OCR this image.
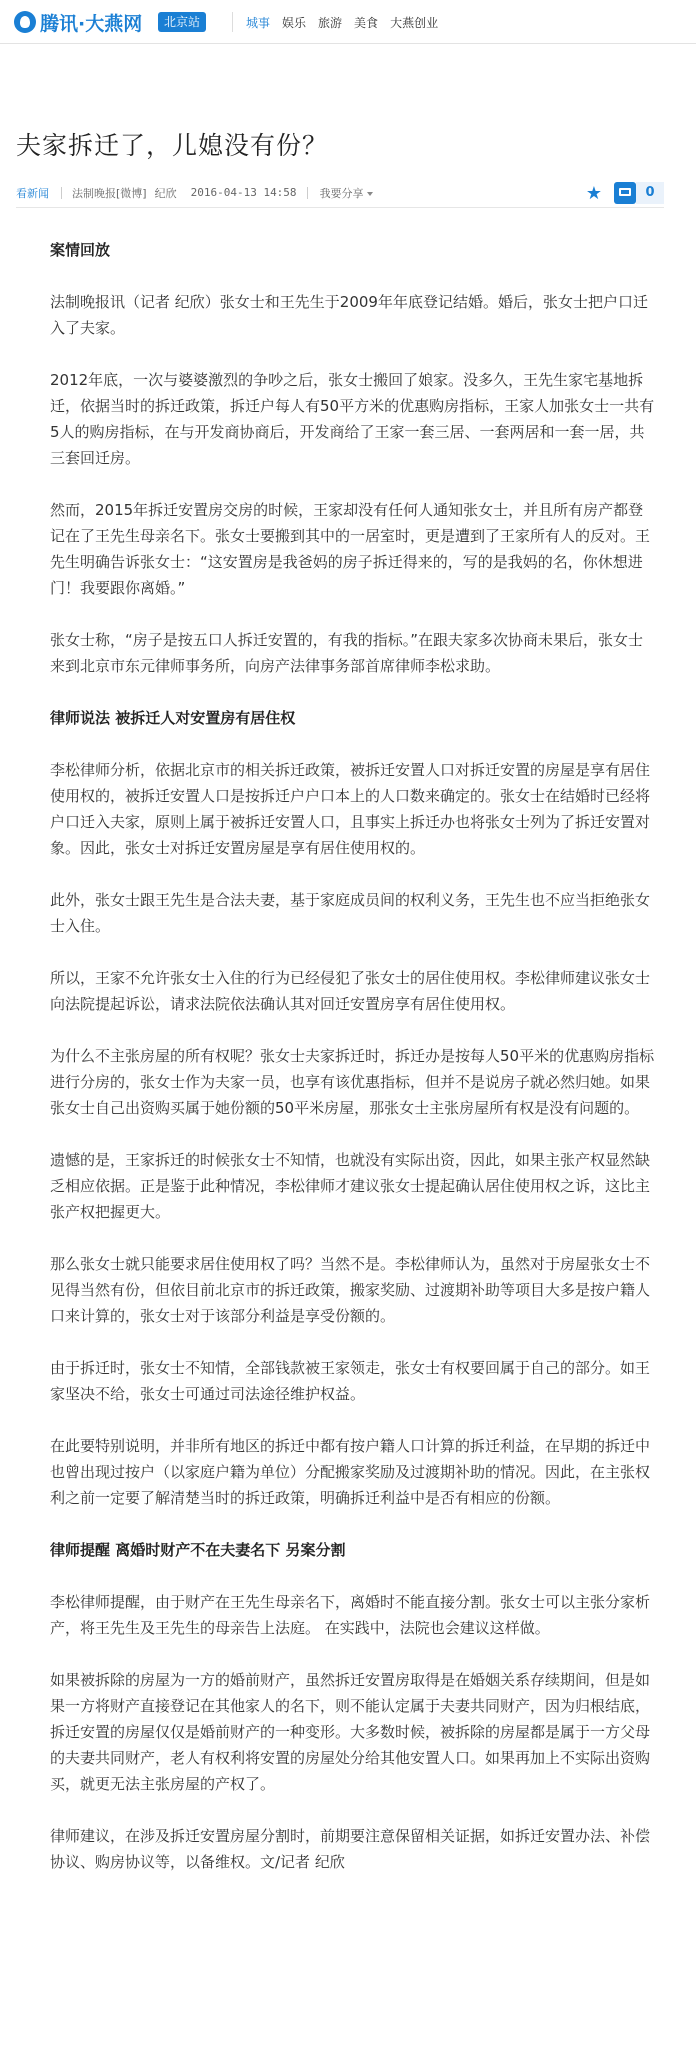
腾讯·大燕网	北京站	城事 娱乐 旅游 美食 大燕创业
夫家拆迁了，儿媳没有份？
看新闻 法制晚报[微博] 纪欣 2016-04-13 14:58 我要分享	★	0

案情回放

法制晚报讯（记者 纪欣）张女士和王先生于2009年年底登记结婚。婚后，张女士把户口迁入了夫家。

2012年底，一次与婆婆激烈的争吵之后，张女士搬回了娘家。没多久，王先生家宅基地拆迁，依据当时的拆迁政策，拆迁户每人有50平方米的优惠购房指标，王家人加张女士一共有5人的购房指标，在与开发商协商后，开发商给了王家一套三居、一套两居和一套一居，共三套回迁房。

然而，2015年拆迁安置房交房的时候，王家却没有任何人通知张女士，并且所有房产都登记在了王先生母亲名下。张女士要搬到其中的一居室时，更是遭到了王家所有人的反对。王先生明确告诉张女士：“这安置房是我爸妈的房子拆迁得来的，写的是我妈的名，你休想进门！我要跟你离婚。”

张女士称，“房子是按五口人拆迁安置的，有我的指标。”在跟夫家多次协商未果后，张女士来到北京市东元律师事务所，向房产法律事务部首席律师李松求助。

律师说法 被拆迁人对安置房有居住权

李松律师分析，依据北京市的相关拆迁政策，被拆迁安置人口对拆迁安置的房屋是享有居住使用权的，被拆迁安置人口是按拆迁户户口本上的人口数来确定的。张女士在结婚时已经将户口迁入夫家，原则上属于被拆迁安置人口，且事实上拆迁办也将张女士列为了拆迁安置对象。因此，张女士对拆迁安置房屋是享有居住使用权的。

此外，张女士跟王先生是合法夫妻，基于家庭成员间的权利义务，王先生也不应当拒绝张女士入住。

所以，王家不允许张女士入住的行为已经侵犯了张女士的居住使用权。李松律师建议张女士向法院提起诉讼，请求法院依法确认其对回迁安置房享有居住使用权。

为什么不主张房屋的所有权呢？张女士夫家拆迁时，拆迁办是按每人50平米的优惠购房指标进行分房的，张女士作为夫家一员，也享有该优惠指标，但并不是说房子就必然归她。如果张女士自己出资购买属于她份额的50平米房屋，那张女士主张房屋所有权是没有问题的。

遗憾的是，王家拆迁的时候张女士不知情，也就没有实际出资，因此，如果主张产权显然缺乏相应依据。正是鉴于此种情况，李松律师才建议张女士提起确认居住使用权之诉，这比主张产权把握更大。

那么张女士就只能要求居住使用权了吗？当然不是。李松律师认为，虽然对于房屋张女士不见得当然有份，但依目前北京市的拆迁政策，搬家奖励、过渡期补助等项目大多是按户籍人口来计算的，张女士对于该部分利益是享受份额的。

由于拆迁时，张女士不知情，全部钱款被王家领走，张女士有权要回属于自己的部分。如王家坚决不给，张女士可通过司法途径维护权益。

在此要特别说明，并非所有地区的拆迁中都有按户籍人口计算的拆迁利益，在早期的拆迁中也曾出现过按户（以家庭户籍为单位）分配搬家奖励及过渡期补助的情况。因此，在主张权利之前一定要了解清楚当时的拆迁政策，明确拆迁利益中是否有相应的份额。

律师提醒 离婚时财产不在夫妻名下 另案分割

李松律师提醒，由于财产在王先生母亲名下，离婚时不能直接分割。张女士可以主张分家析产，将王先生及王先生的母亲告上法庭。 在实践中，法院也会建议这样做。

如果被拆除的房屋为一方的婚前财产，虽然拆迁安置房取得是在婚姻关系存续期间，但是如果一方将财产直接登记在其他家人的名下，则不能认定属于夫妻共同财产，因为归根结底，拆迁安置的房屋仅仅是婚前财产的一种变形。大多数时候，被拆除的房屋都是属于一方父母的夫妻共同财产，老人有权利将安置的房屋处分给其他安置人口。如果再加上不实际出资购买，就更无法主张房屋的产权了。

律师建议，在涉及拆迁安置房屋分割时，前期要注意保留相关证据，如拆迁安置办法、补偿协议、购房协议等，以备维权。文/记者 纪欣
